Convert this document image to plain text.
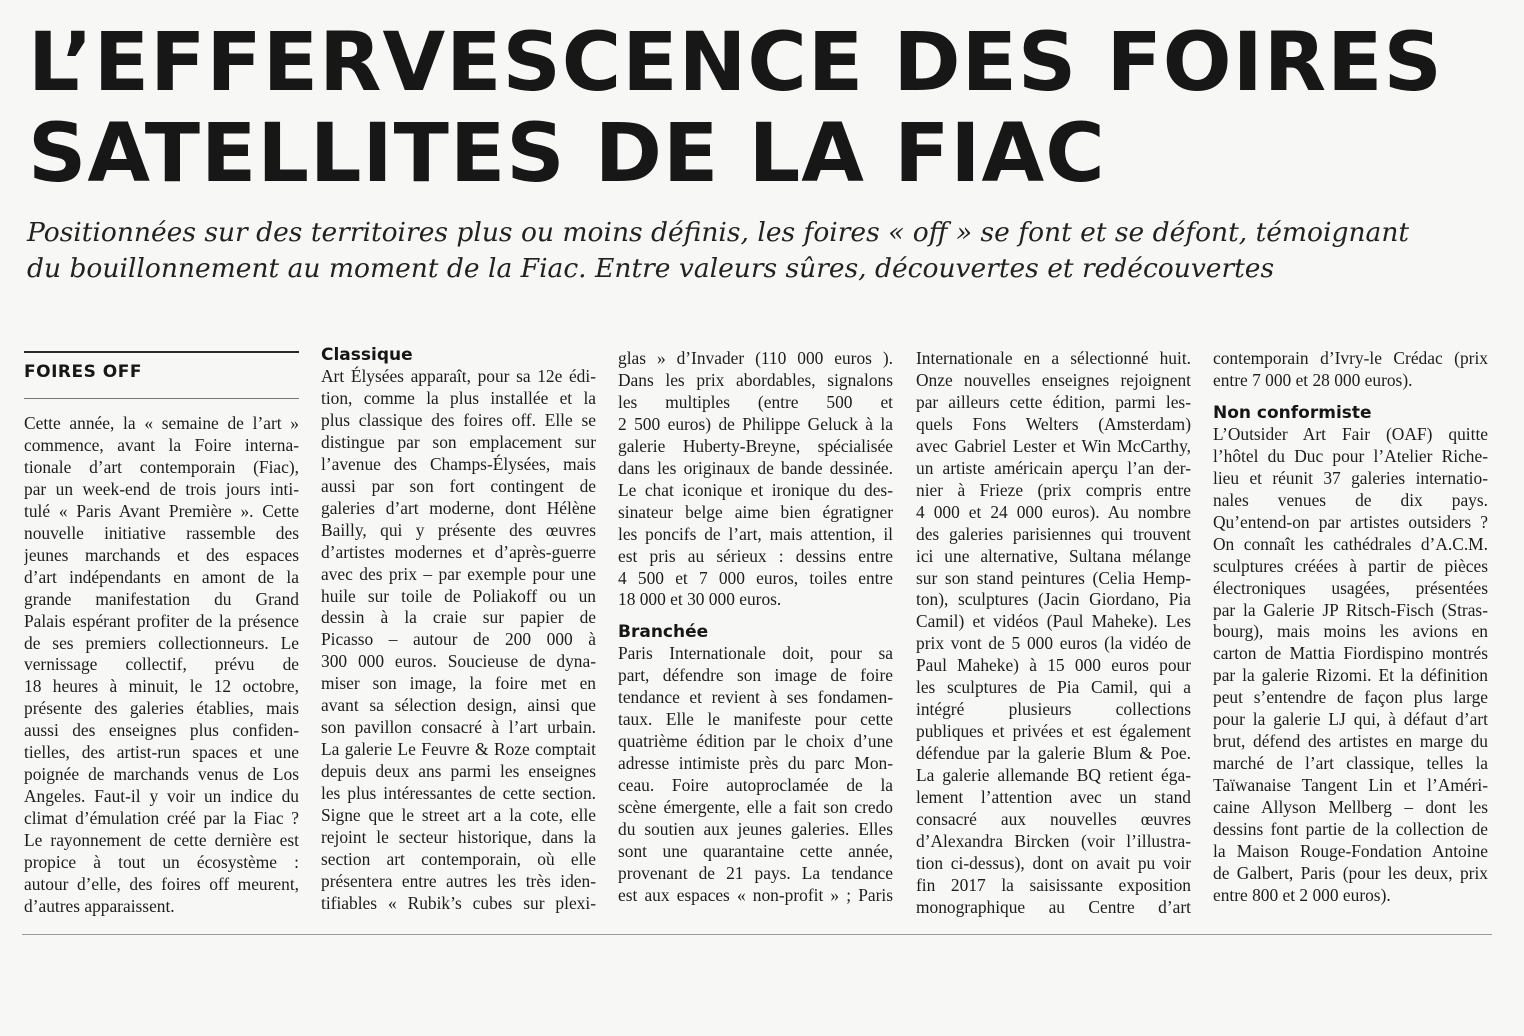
L’EFFERVESCENCE DES FOIRES
SATELLITES DE LA FIAC

Positionnées sur des territoires plus ou moins définis, les foires « off » se font et se défont, témoignant
du bouillonnement au moment de la Fiac. Entre valeurs sûres, découvertes et redécouvertes

FOIRES OFF
Cette année, la « semaine de l’art »
commence, avant la Foire interna-
tionale d’art contemporain (Fiac),
par un week-end de trois jours inti-
tulé « Paris Avant Première ». Cette
nouvelle initiative rassemble des
jeunes marchands et des espaces
d’art indépendants en amont de la
grande manifestation du Grand
Palais espérant profiter de la présence
de ses premiers collectionneurs. Le
vernissage collectif, prévu de
18 heures à minuit, le 12 octobre,
présente des galeries établies, mais
aussi des enseignes plus confiden-
tielles, des artist-run spaces et une
poignée de marchands venus de Los
Angeles. Faut-il y voir un indice du
climat d’émulation créé par la Fiac ?
Le rayonnement de cette dernière est
propice à tout un écosystème :
autour d’elle, des foires off meurent,
d’autres apparaissent.
Classique
Art Élysées apparaît, pour sa 12e édi-
tion, comme la plus installée et la
plus classique des foires off. Elle se
distingue par son emplacement sur
l’avenue des Champs-Élysées, mais
aussi par son fort contingent de
galeries d’art moderne, dont Hélène
Bailly, qui y présente des œuvres
d’artistes modernes et d’après-guerre
avec des prix – par exemple pour une
huile sur toile de Poliakoff ou un
dessin à la craie sur papier de
Picasso – autour de 200 000 à
300 000 euros. Soucieuse de dyna-
miser son image, la foire met en
avant sa sélection design, ainsi que
son pavillon consacré à l’art urbain.
La galerie Le Feuvre & Roze comptait
depuis deux ans parmi les enseignes
les plus intéressantes de cette section.
Signe que le street art a la cote, elle
rejoint le secteur historique, dans la
section art contemporain, où elle
présentera entre autres les très iden-
tifiables « Rubik’s cubes sur plexi-
glas » d’Invader (110 000 euros ).
Dans les prix abordables, signalons
les multiples (entre 500 et
2 500 euros) de Philippe Geluck à la
galerie Huberty-Breyne, spécialisée
dans les originaux de bande dessinée.
Le chat iconique et ironique du des-
sinateur belge aime bien égratigner
les poncifs de l’art, mais attention, il
est pris au sérieux : dessins entre
4 500 et 7 000 euros, toiles entre
18 000 et 30 000 euros.
Branchée
Paris Internationale doit, pour sa
part, défendre son image de foire
tendance et revient à ses fondamen-
taux. Elle le manifeste pour cette
quatrième édition par le choix d’une
adresse intimiste près du parc Mon-
ceau. Foire autoproclamée de la
scène émergente, elle a fait son credo
du soutien aux jeunes galeries. Elles
sont une quarantaine cette année,
provenant de 21 pays. La tendance
est aux espaces « non-profit » ; Paris
Internationale en a sélectionné huit.
Onze nouvelles enseignes rejoignent
par ailleurs cette édition, parmi les-
quels Fons Welters (Amsterdam)
avec Gabriel Lester et Win McCarthy,
un artiste américain aperçu l’an der-
nier à Frieze (prix compris entre
4 000 et 24 000 euros). Au nombre
des galeries parisiennes qui trouvent
ici une alternative, Sultana mélange
sur son stand peintures (Celia Hemp-
ton), sculptures (Jacin Giordano, Pia
Camil) et vidéos (Paul Maheke). Les
prix vont de 5 000 euros (la vidéo de
Paul Maheke) à 15 000 euros pour
les sculptures de Pia Camil, qui a
intégré plusieurs collections
publiques et privées et est également
défendue par la galerie Blum & Poe.
La galerie allemande BQ retient éga-
lement l’attention avec un stand
consacré aux nouvelles œuvres
d’Alexandra Bircken (voir l’illustra-
tion ci-dessus), dont on avait pu voir
fin 2017 la saisissante exposition
monographique au Centre d’art
contemporain d’Ivry-le Crédac (prix
entre 7 000 et 28 000 euros).
Non conformiste
L’Outsider Art Fair (OAF) quitte
l’hôtel du Duc pour l’Atelier Riche-
lieu et réunit 37 galeries internatio-
nales venues de dix pays.
Qu’entend-on par artistes outsiders ?
On connaît les cathédrales d’A.C.M.
sculptures créées à partir de pièces
électroniques usagées, présentées
par la Galerie JP Ritsch-Fisch (Stras-
bourg), mais moins les avions en
carton de Mattia Fiordispino montrés
par la galerie Rizomi. Et la définition
peut s’entendre de façon plus large
pour la galerie LJ qui, à défaut d’art
brut, défend des artistes en marge du
marché de l’art classique, telles la
Taïwanaise Tangent Lin et l’Améri-
caine Allyson Mellberg – dont les
dessins font partie de la collection de
la Maison Rouge-Fondation Antoine
de Galbert, Paris (pour les deux, prix
entre 800 et 2 000 euros).
